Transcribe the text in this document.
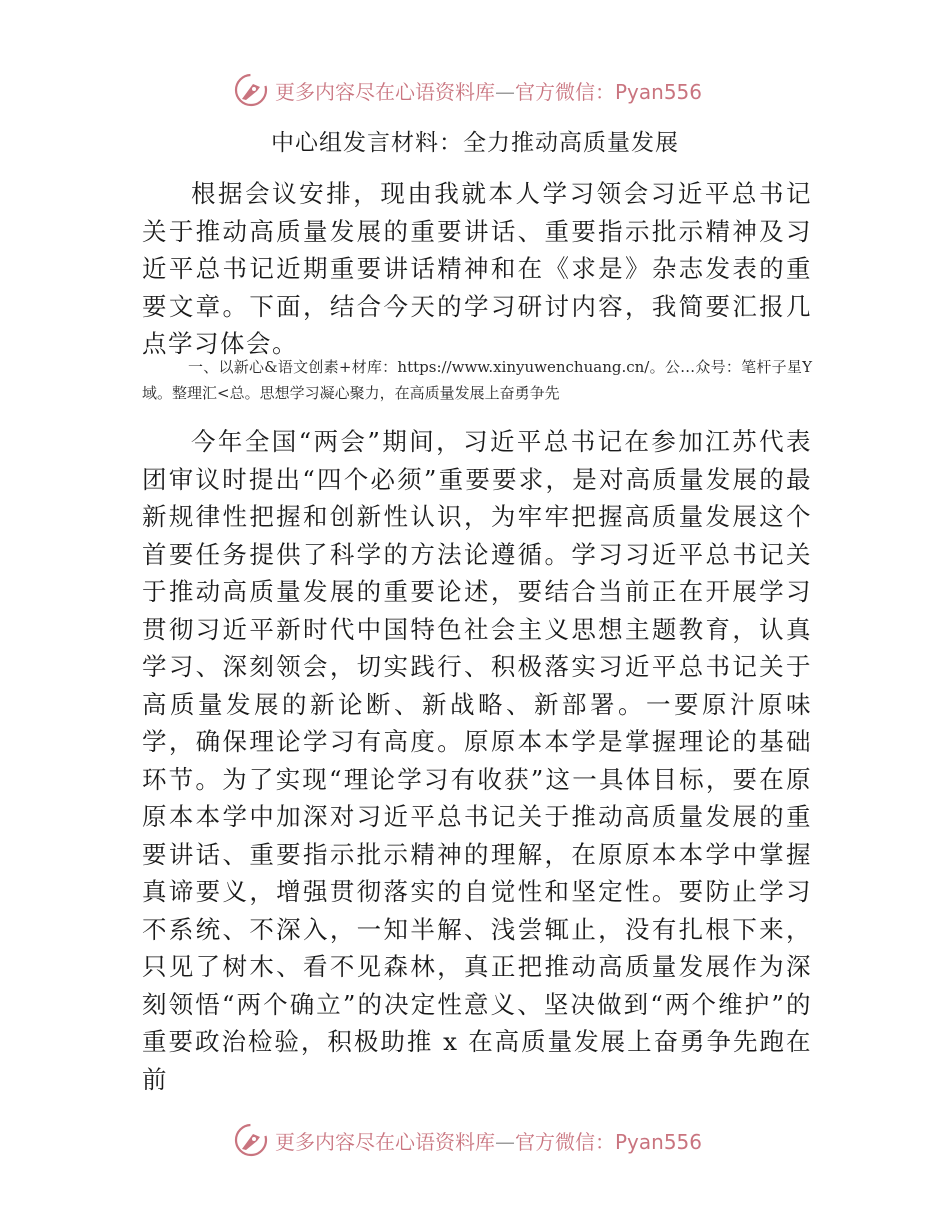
更多内容尽在心语资料库—官方微信：Pyan556
中心组发言材料：全力推动高质量发展
根据会议安排，现由我就本人学习领会习近平总书记关于推动高质量发展的重要讲话、重要指示批示精神及习近平总书记近期重要讲话精神和在《求是》杂志发表的重要文章。下面，结合今天的学习研讨内容，我简要汇报几点学习体会。
一、以新心&语文创素+材库：https://www.xinyuwenchuang.cn/。公…众号：笔杆子星Y域。整理汇<总。思想学习凝心聚力，在高质量发展上奋勇争先
今年全国“两会”期间，习近平总书记在参加江苏代表团审议时提出“四个必须”重要要求，是对高质量发展的最新规律性把握和创新性认识，为牢牢把握高质量发展这个首要任务提供了科学的方法论遵循。学习习近平总书记关于推动高质量发展的重要论述，要结合当前正在开展学习贯彻习近平新时代中国特色社会主义思想主题教育，认真学习、深刻领会，切实践行、积极落实习近平总书记关于高质量发展的新论断、新战略、新部署。一要原汁原味学，确保理论学习有高度。原原本本学是掌握理论的基础环节。为了实现“理论学习有收获”这一具体目标，要在原原本本学中加深对习近平总书记关于推动高质量发展的重要讲话、重要指示批示精神的理解，在原原本本学中掌握真谛要义，增强贯彻落实的自觉性和坚定性。要防止学习不系统、不深入，一知半解、浅尝辄止，没有扎根下来，只见了树木、看不见森林，真正把推动高质量发展作为深刻领悟“两个确立”的决定性意义、坚决做到“两个维护”的重要政治检验，积极助推 x 在高质量发展上奋勇争先跑在前
更多内容尽在心语资料库—官方微信：Pyan556
